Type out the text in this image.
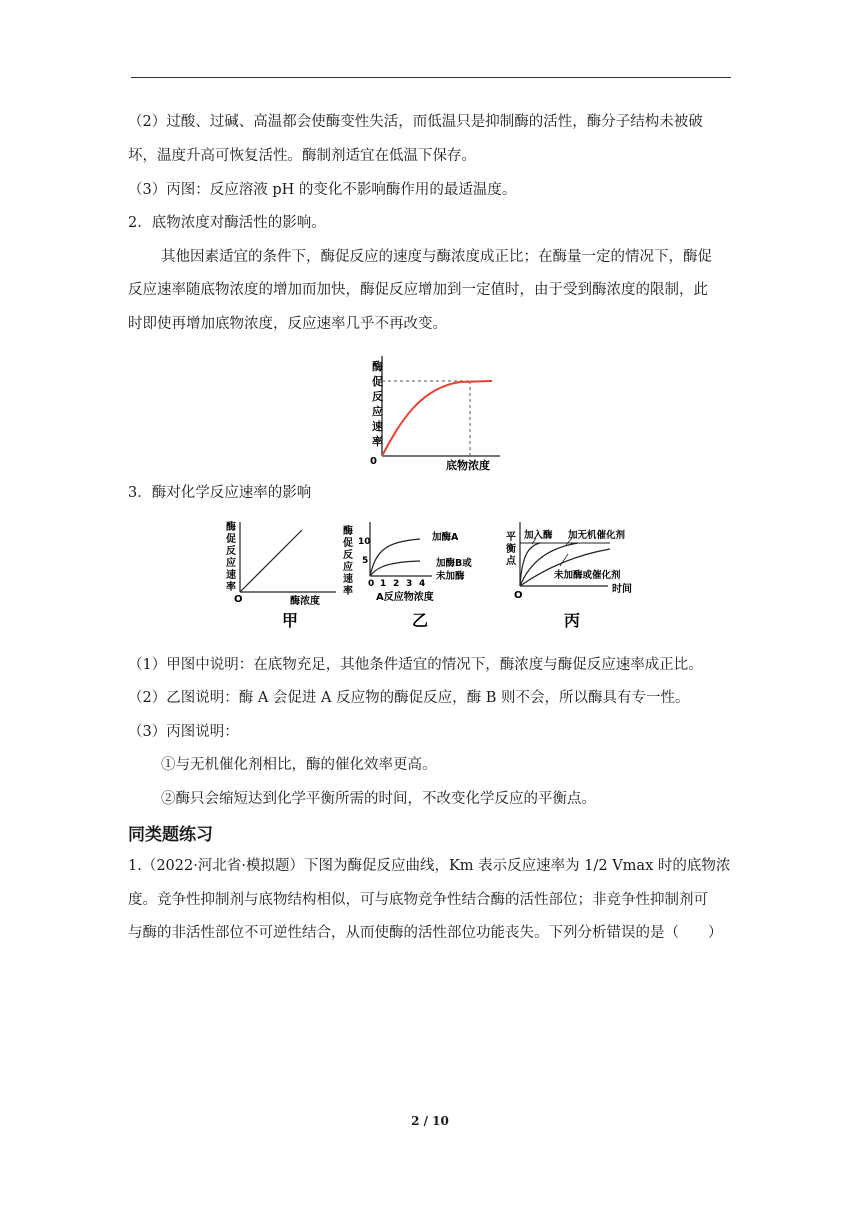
（2）过酸、过碱、高温都会使酶变性失活，而低温只是抑制酶的活性，酶分子结构未被破
坏，温度升高可恢复活性。酶制剂适宜在低温下保存。
（3）丙图：反应溶液 pH 的变化不影响酶作用的最适温度。
2．底物浓度对酶活性的影响。
其他因素适宜的条件下，酶促反应的速度与酶浓度成正比；在酶量一定的情况下，酶促
反应速率随底物浓度的增加而加快，酶促反应增加到一定值时，由于受到酶浓度的限制，此
时即使再增加底物浓度，反应速率几乎不再改变。
酶
促
反
应
速
率
0	底物浓度
3．酶对化学反应速率的影响
酶
促
反
应
速
率
O	酶浓度
甲
酶
促
反
应
速
率
10
5
加酶A
加酶B或
未加酶
0 1 2 3 4
A反应物浓度
乙
平
衡
点
加入酶 加无机催化剂
未加酶或催化剂
O
时间
丙
（1）甲图中说明：在底物充足，其他条件适宜的情况下，酶浓度与酶促反应速率成正比。
（2）乙图说明：酶 A 会促进 A 反应物的酶促反应，酶 B 则不会，所以酶具有专一性。
（3）丙图说明：
①与无机催化剂相比，酶的催化效率更高。
②酶只会缩短达到化学平衡所需的时间，不改变化学反应的平衡点。
同类题练习
1.（2022·河北省·模拟题）下图为酶促反应曲线，Km 表示反应速率为 1/2 Vmax 时的底物浓
度。竞争性抑制剂与底物结构相似，可与底物竞争性结合酶的活性部位；非竞争性抑制剂可
与酶的非活性部位不可逆性结合，从而使酶的活性部位功能丧失。下列分析错误的是（　　）
2 / 10
